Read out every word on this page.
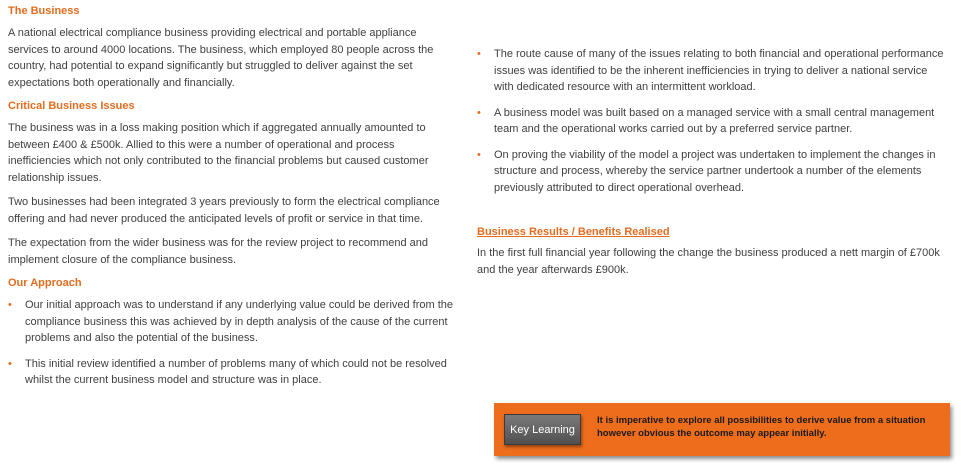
The Business

A national electrical compliance business providing electrical and portable appliance services to around 4000 locations. The business, which employed 80 people across the country, had potential to expand significantly but struggled to deliver against the set expectations both operationally and financially.

Critical Business Issues

The business was in a loss making position which if aggregated annually amounted to between £400 & £500k. Allied to this were a number of operational and process inefficiencies which not only contributed to the financial problems but caused customer relationship issues.

Two businesses had been integrated 3 years previously to form the electrical compliance offering and had never produced the anticipated levels of profit or service in that time.

The expectation from the wider business was for the review project to recommend and implement closure of the compliance business.

Our Approach
• Our initial approach was to understand if any underlying value could be derived from the compliance business this was achieved by in depth analysis of the cause of the current problems and also the potential of the business.
• This initial review identified a number of problems many of which could not be resolved whilst the current business model and structure was in place.
• The route cause of many of the issues relating to both financial and operational performance issues was identified to be the inherent inefficiencies in trying to deliver a national service with dedicated resource with an intermittent workload.
• A business model was built based on a managed service with a small central management team and the operational works carried out by a preferred service partner.
• On proving the viability of the model a project was undertaken to implement the changes in structure and process, whereby the service partner undertook a number of the elements previously attributed to direct operational overhead.
Business Results / Benefits Realised

In the first full financial year following the change the business produced a nett margin of £700k and the year afterwards £900k.

Key Learning
It is imperative to explore all possibilities to derive value from a situation however obvious the outcome may appear initially.
